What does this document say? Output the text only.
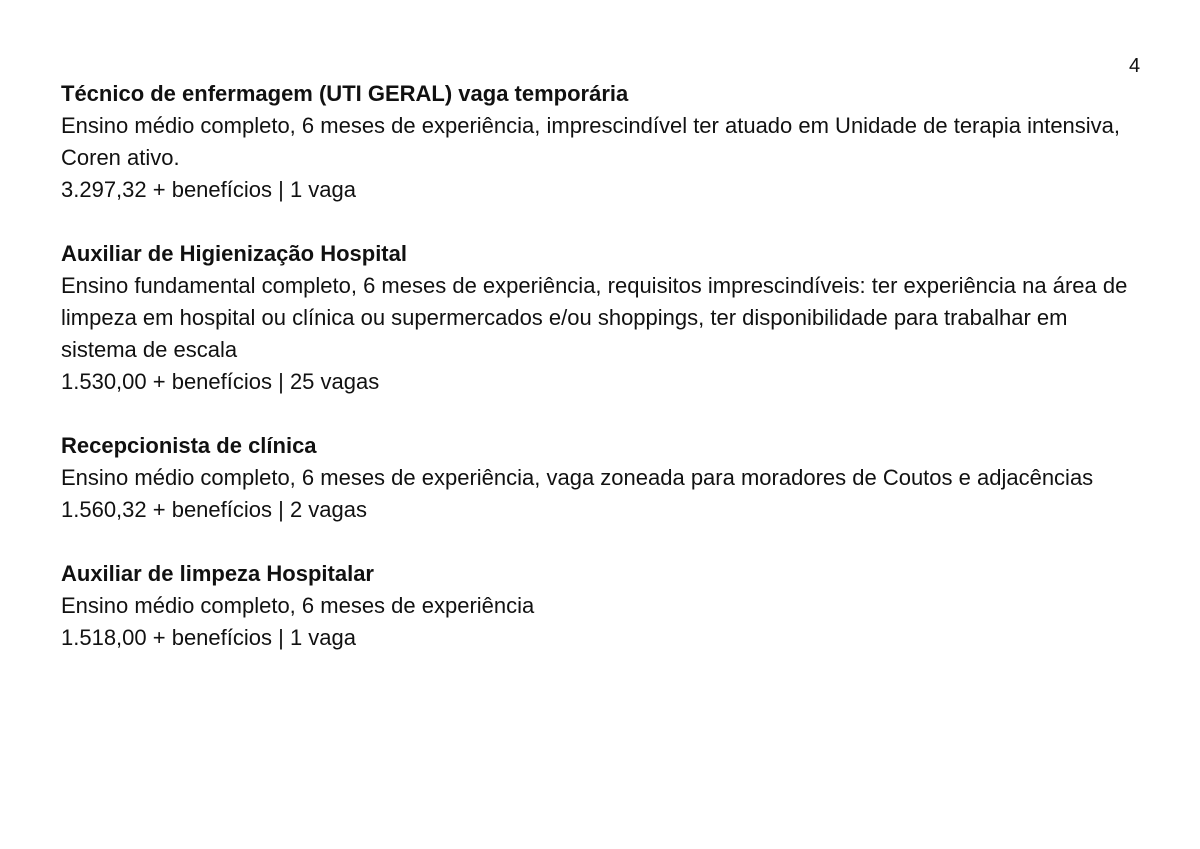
4
Técnico de enfermagem (UTI GERAL) vaga temporária
Ensino médio completo, 6 meses de experiência, imprescindível ter atuado em Unidade de terapia intensiva, Coren ativo.
3.297,32 + benefícios | 1 vaga
Auxiliar de Higienização Hospital
Ensino fundamental completo, 6 meses de experiência, requisitos imprescindíveis: ter experiência na área de limpeza em hospital ou clínica ou supermercados e/ou shoppings, ter disponibilidade para trabalhar em sistema de escala
1.530,00 + benefícios | 25 vagas
Recepcionista de clínica
Ensino médio completo, 6 meses de experiência, vaga zoneada para moradores de Coutos e adjacências
1.560,32 + benefícios | 2 vagas
Auxiliar de limpeza Hospitalar
Ensino médio completo, 6 meses de experiência
1.518,00 + benefícios | 1 vaga
